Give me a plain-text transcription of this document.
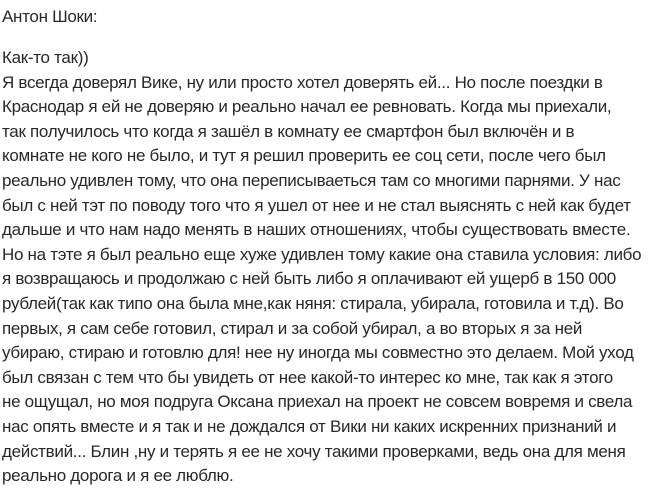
Антон Шоки:
Как-то так))
Я всегда доверял Вике, ну или просто хотел доверять ей... Но после поездки в
Краснодар я ей не доверяю и реально начал ее ревновать. Когда мы приехали,
так получилось что когда я зашёл в комнату ее смартфон был включён и в
комнате не кого не было, и тут я решил проверить ее соц сети, после чего был
реально удивлен тому, что она переписываеться там со многими парнями. У нас
был с ней тэт по поводу того что я ушел от нее и не стал выяснять с ней как будет
дальше и что нам надо менять в наших отношениях, чтобы существовать вместе.
Но на тэте я был реально еще хуже удивлен тому какие она ставила условия: либо
я возвращаюсь и продолжаю с ней быть либо я оплачивают ей ущерб в 150 000
рублей(так как типо она была мне,как няня: стирала, убирала, готовила и т.д). Во
первых, я сам себе готовил, стирал и за собой убирал, а во вторых я за ней
убираю, стираю и готовлю для! нее ну иногда мы совместно это делаем. Мой уход
был связан с тем что бы увидеть от нее какой-то интерес ко мне, так как я этого
не ощущал, но моя подруга Оксана приехал на проект не совсем вовремя и свела
нас опять вместе и я так и не дождался от Вики ни каких искренних признаний и
действий... Блин ,ну и терять я ее не хочу такими проверками, ведь она для меня
реально дорога и я ее люблю.
